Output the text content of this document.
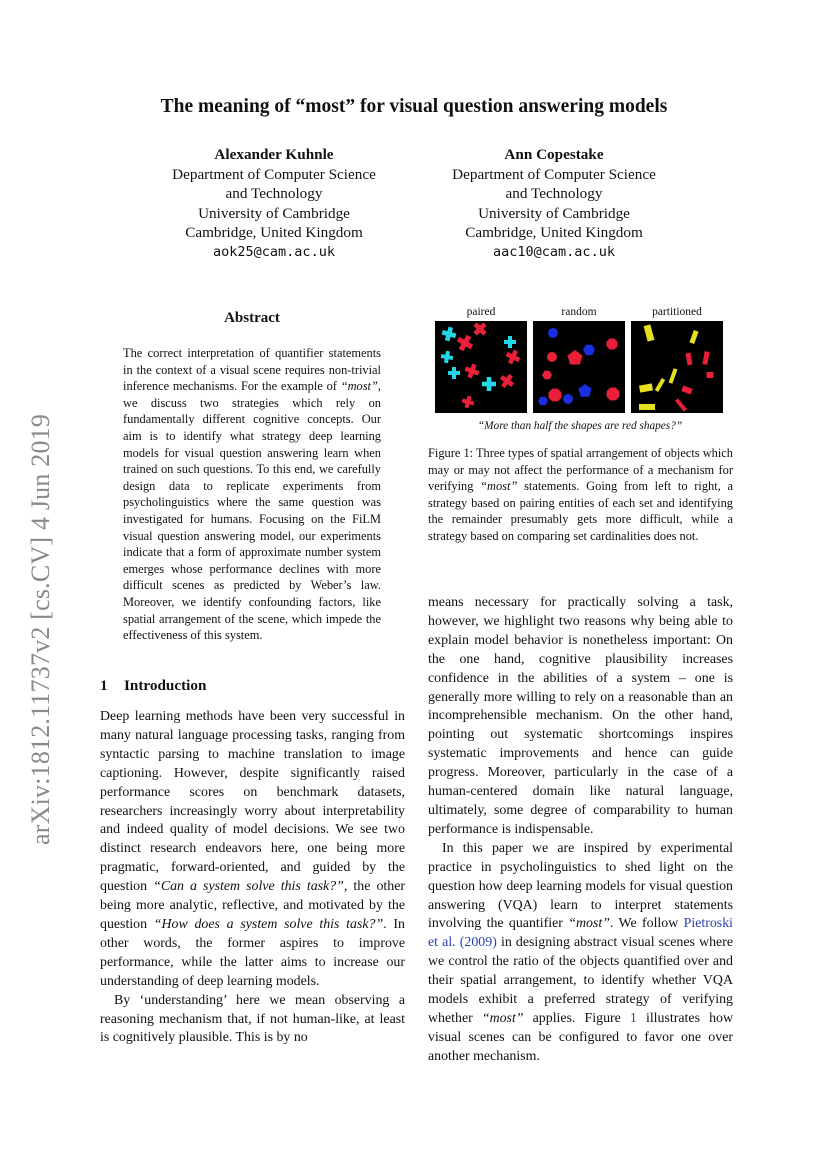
The meaning of “most” for visual question answering models
Alexander Kuhnle
Department of Computer Science
and Technology
University of Cambridge
Cambridge, United Kingdom
aok25@cam.ac.uk
Ann Copestake
Department of Computer Science
and Technology
University of Cambridge
Cambridge, United Kingdom
aac10@cam.ac.uk
arXiv:1812.11737v2 [cs.CV] 4 Jun 2019
Abstract

The correct interpretation of quantifier statements in the context of a visual scene requires non-trivial inference mechanisms. For the example of “most”, we discuss two strategies which rely on fundamentally different cognitive concepts. Our aim is to identify what strategy deep learning models for visual question answering learn when trained on such questions. To this end, we carefully design data to replicate experiments from psycholinguistics where the same question was investigated for humans. Focusing on the FiLM visual question answering model, our experiments indicate that a form of approximate number system emerges whose performance declines with more difficult scenes as predicted by Weber’s law. Moreover, we identify confounding factors, like spatial arrangement of the scene, which impede the effectiveness of this system.

1 Introduction

Deep learning methods have been very successful in many natural language processing tasks, ranging from syntactic parsing to machine translation to image captioning. However, despite significantly raised performance scores on benchmark datasets, researchers increasingly worry about interpretability and indeed quality of model decisions. We see two distinct research endeavors here, one being more pragmatic, forward-oriented, and guided by the question “Can a system solve this task?”, the other being more analytic, reflective, and motivated by the question “How does a system solve this task?”. In other words, the former aspires to improve performance, while the latter aims to increase our understanding of deep learning models.

By ‘understanding’ here we mean observing a reasoning mechanism that, if not human-like, at least is cognitively plausible. This is by no

paired	random	partitioned
“More than half the shapes are red shapes?”

Figure 1: Three types of spatial arrangement of objects which may or may not affect the performance of a mechanism for verifying “most” statements. Going from left to right, a strategy based on pairing entities of each set and identifying the remainder presumably gets more difficult, while a strategy based on comparing set cardinalities does not.

means necessary for practically solving a task, however, we highlight two reasons why being able to explain model behavior is nonetheless important: On the one hand, cognitive plausibility increases confidence in the abilities of a system – one is generally more willing to rely on a reasonable than an incomprehensible mechanism. On the other hand, pointing out systematic shortcomings inspires systematic improvements and hence can guide progress. Moreover, particularly in the case of a human-centered domain like natural language, ultimately, some degree of comparability to human performance is indispensable.

In this paper we are inspired by experimental practice in psycholinguistics to shed light on the question how deep learning models for visual question answering (VQA) learn to interpret statements involving the quantifier “most”. We follow Pietroski et al. (2009) in designing abstract visual scenes where we control the ratio of the objects quantified over and their spatial arrangement, to identify whether VQA models exhibit a preferred strategy of verifying whether “most” applies. Figure 1 illustrates how visual scenes can be configured to favor one over another mechanism.
